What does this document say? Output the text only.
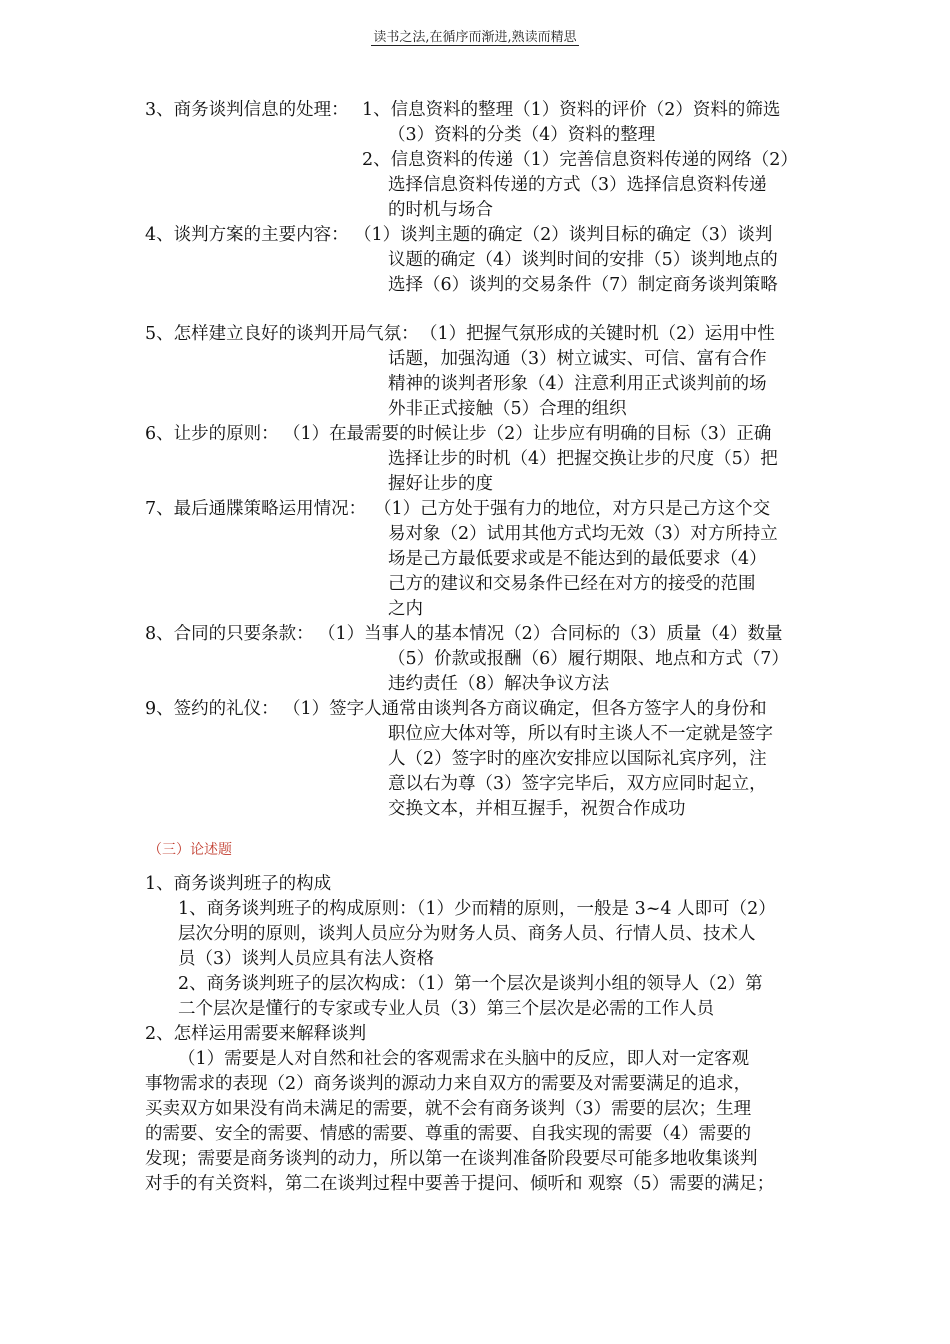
读书之法,在循序而渐进,熟读而精思
3、商务谈判信息的处理： 1、信息资料的整理（1）资料的评价（2）资料的筛选
（3）资料的分类（4）资料的整理
2、信息资料的传递（1）完善信息资料传递的网络（2）
选择信息资料传递的方式（3）选择信息资料传递
的时机与场合
4、谈判方案的主要内容： （1）谈判主题的确定（2）谈判目标的确定（3）谈判
议题的确定（4）谈判时间的安排（5）谈判地点的
选择（6）谈判的交易条件（7）制定商务谈判策略
5、怎样建立良好的谈判开局气氛： （1）把握气氛形成的关键时机（2）运用中性
话题，加强沟通（3）树立诚实、可信、富有合作
精神的谈判者形象（4）注意利用正式谈判前的场
外非正式接触（5）合理的组织
6、让步的原则： （1）在最需要的时候让步（2）让步应有明确的目标（3）正确
选择让步的时机（4）把握交换让步的尺度（5）把
握好让步的度
7、最后通牒策略运用情况： （1）己方处于强有力的地位，对方只是己方这个交
易对象（2）试用其他方式均无效（3）对方所持立
场是己方最低要求或是不能达到的最低要求（4）
己方的建议和交易条件已经在对方的接受的范围
之内
8、合同的只要条款： （1）当事人的基本情况（2）合同标的（3）质量（4）数量
（5）价款或报酬（6）履行期限、地点和方式（7）
违约责任（8）解决争议方法
9、签约的礼仪： （1）签字人通常由谈判各方商议确定，但各方签字人的身份和
职位应大体对等，所以有时主谈人不一定就是签字
人（2）签字时的座次安排应以国际礼宾序列，注
意以右为尊（3）签字完毕后，双方应同时起立，
交换文本，并相互握手，祝贺合作成功
（三）论述题
1、商务谈判班子的构成
1、商务谈判班子的构成原则：（1）少而精的原则，一般是 3~4 人即可（2）
层次分明的原则，谈判人员应分为财务人员、商务人员、行情人员、技术人
员（3）谈判人员应具有法人资格
2、商务谈判班子的层次构成：（1）第一个层次是谈判小组的领导人（2）第
二个层次是懂行的专家或专业人员（3）第三个层次是必需的工作人员
2、怎样运用需要来解释谈判
（1）需要是人对自然和社会的客观需求在头脑中的反应，即人对一定客观
事物需求的表现（2）商务谈判的源动力来自双方的需要及对需要满足的追求，
买卖双方如果没有尚未满足的需要，就不会有商务谈判（3）需要的层次；生理
的需要、安全的需要、情感的需要、尊重的需要、自我实现的需要（4）需要的
发现；需要是商务谈判的动力，所以第一在谈判准备阶段要尽可能多地收集谈判
对手的有关资料，第二在谈判过程中要善于提问、倾听和 观察（5）需要的满足；
